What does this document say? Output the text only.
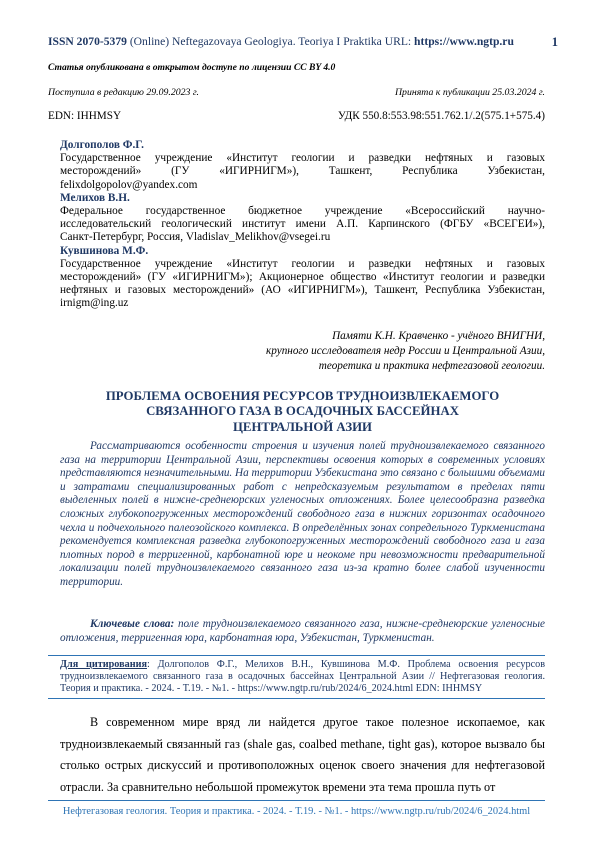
ISSN 2070-5379 (Online) Neftegazovaya Geologiya. Teoriya I Praktika URL: https://www.ngtp.ru	1
Статья опубликована в открытом доступе по лицензии CC BY 4.0
Поступила в редакцию 29.09.2023 г.	Принята к публикации 25.03.2024 г.
EDN: IHHMSY	УДК 550.8:553.98:551.762.1/.2(575.1+575.4)
Долгополов Ф.Г.
Государственное учреждение «Институт геологии и разведки нефтяных и газовых
месторождений» (ГУ «ИГИРНИГМ»), Ташкент, Республика Узбекистан,
felixdolgopolov@yandex.com
Мелихов В.Н.
Федеральное государственное бюджетное учреждение «Всероссийский научно-
исследовательский геологический институт имени А.П. Карпинского (ФГБУ «ВСЕГЕИ»),
Санкт-Петербург, Россия, Vladislav_Melikhov@vsegei.ru
Кувшинова М.Ф.
Государственное учреждение «Институт геологии и разведки нефтяных и газовых
месторождений» (ГУ «ИГИРНИГМ»); Акционерное общество «Институт геологии и разведки
нефтяных и газовых месторождений» (АО «ИГИРНИГМ»), Ташкент, Республика Узбекистан,
irnigm@ing.uz
Памяти К.Н. Кравченко - учёного ВНИГНИ,
крупного исследователя недр России и Центральной Азии,
теоретика и практика нефтегазовой геологии.
ПРОБЛЕМА ОСВОЕНИЯ РЕСУРСОВ ТРУДНОИЗВЛЕКАЕМОГО
СВЯЗАННОГО ГАЗА В ОСАДОЧНЫХ БАССЕЙНАХ
ЦЕНТРАЛЬНОЙ АЗИИ
Рассматриваются особенности строения и изучения полей трудноизвлекаемого связанного газа на территории Центральной Азии, перспективы освоения которых в современных условиях представляются незначительными. На территории Узбекистана это связано с большими объемами и затратами специализированных работ с непредсказуемым результатом в пределах пяти выделенных полей в нижне-среднеюрских угленосных отложениях. Более целесообразна разведка сложных глубокопогруженных месторождений свободного газа в нижних горизонтах осадочного чехла и подчехольного палеозойского комплекса. В определённых зонах сопредельного Туркменистана рекомендуется комплексная разведка глубокопогруженных месторождений свободного газа и газа плотных пород в терригенной, карбонатной юре и неокоме при невозможности предварительной локализации полей трудноизвлекаемого связанного газа из-за кратно более слабой изученности территории.
Ключевые слова: поле трудноизвлекаемого связанного газа, нижне-среднеюрские угленосные отложения, терригенная юра, карбонатная юра, Узбекистан, Туркменистан.
Для цитирования: Долгополов Ф.Г., Мелихов В.Н., Кувшинова М.Ф. Проблема освоения ресурсов трудноизвлекаемого связанного газа в осадочных бассейнах Центральной Азии // Нефтегазовая геология. Теория и практика. - 2024. - Т.19. - №1. - https://www.ngtp.ru/rub/2024/6_2024.html EDN: IHHMSY
В современном мире вряд ли найдется другое такое полезное ископаемое, как трудноизвлекаемый связанный газ (shale gas, coalbed methane, tight gas), которое вызвало бы столько острых дискуссий и противоположных оценок своего значения для нефтегазовой отрасли. За сравнительно небольшой промежуток времени эта тема прошла путь от
Нефтегазовая геология. Теория и практика. - 2024. - Т.19. - №1. - https://www.ngtp.ru/rub/2024/6_2024.html
